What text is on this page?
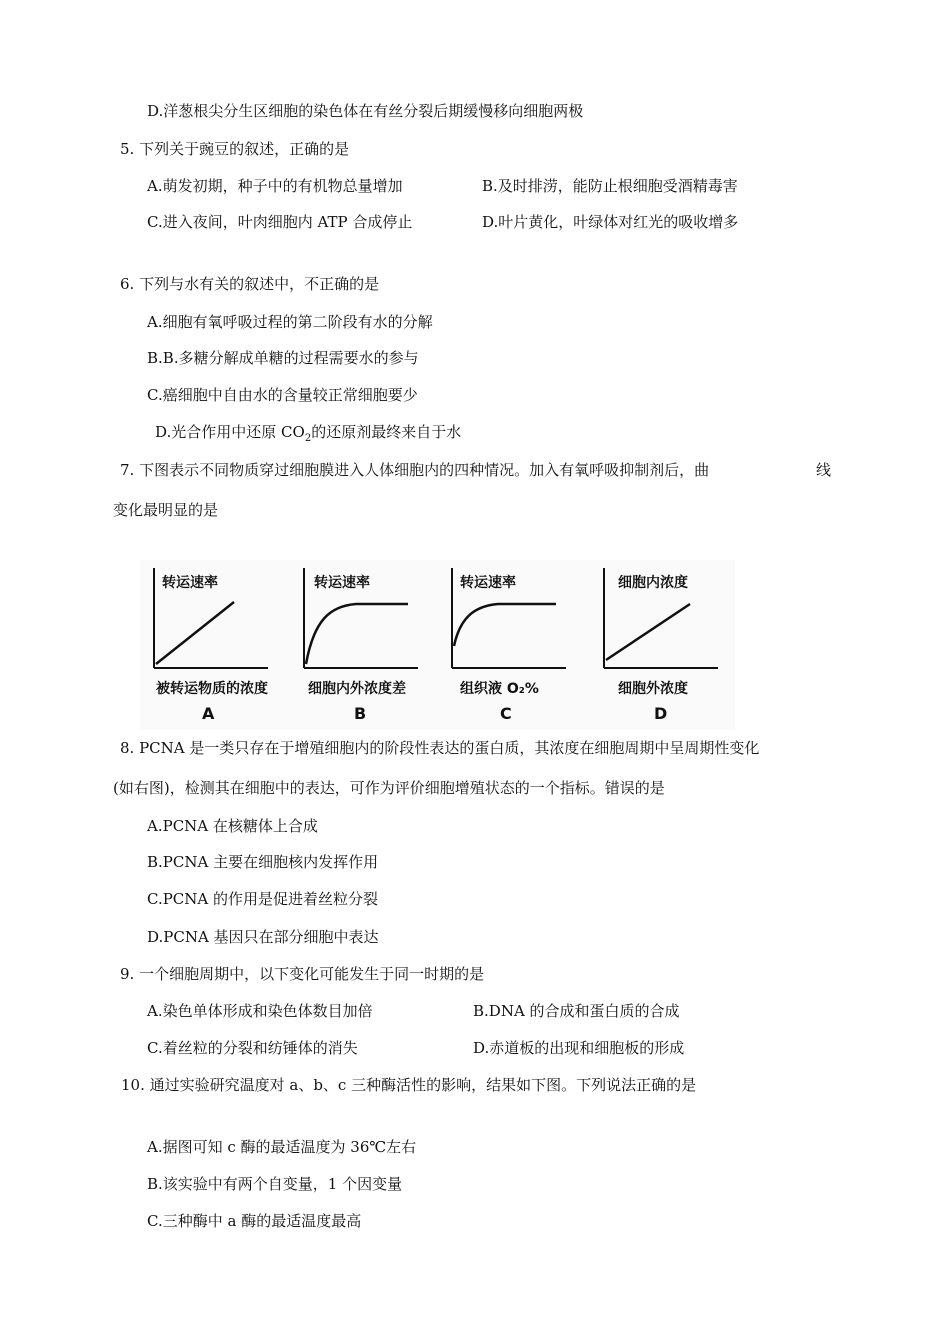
D.洋葱根尖分生区细胞的染色体在有丝分裂后期缓慢移向细胞两极
5. 下列关于豌豆的叙述，正确的是
A.萌发初期，种子中的有机物总量增加	B.及时排涝，能防止根细胞受酒精毒害
C.进入夜间，叶肉细胞内 ATP 合成停止	D.叶片黄化，叶绿体对红光的吸收增多
6. 下列与水有关的叙述中，不正确的是
A.细胞有氧呼吸过程的第二阶段有水的分解
B.B.多糖分解成单糖的过程需要水的参与
C.癌细胞中自由水的含量较正常细胞要少
D.光合作用中还原 $CO_2$的还原剂最终来自于水
7. 下图表示不同物质穿过细胞膜进入人体细胞内的四种情况。加入有氧呼吸抑制剂后，曲	线
变化最明显的是
转运速率
被转运物质的浓度
A
转运速率
细胞内外浓度差
B
转运速率
组织液 O₂%
C
细胞内浓度
细胞外浓度
D
8. PCNA 是一类只存在于增殖细胞内的阶段性表达的蛋白质，其浓度在细胞周期中呈周期性变化
(如右图)，检测其在细胞中的表达，可作为评价细胞增殖状态的一个指标。错误的是
A.PCNA 在核糖体上合成
B.PCNA 主要在细胞核内发挥作用
C.PCNA 的作用是促进着丝粒分裂
D.PCNA 基因只在部分细胞中表达
9. 一个细胞周期中，以下变化可能发生于同一时期的是
A.染色单体形成和染色体数目加倍	B.DNA 的合成和蛋白质的合成
C.着丝粒的分裂和纺锤体的消失	D.赤道板的出现和细胞板的形成
10. 通过实验研究温度对 a、b、c 三种酶活性的影响，结果如下图。下列说法正确的是
A.据图可知 c 酶的最适温度为 36℃左右
B.该实验中有两个自变量，1 个因变量
C.三种酶中 a 酶的最适温度最高
